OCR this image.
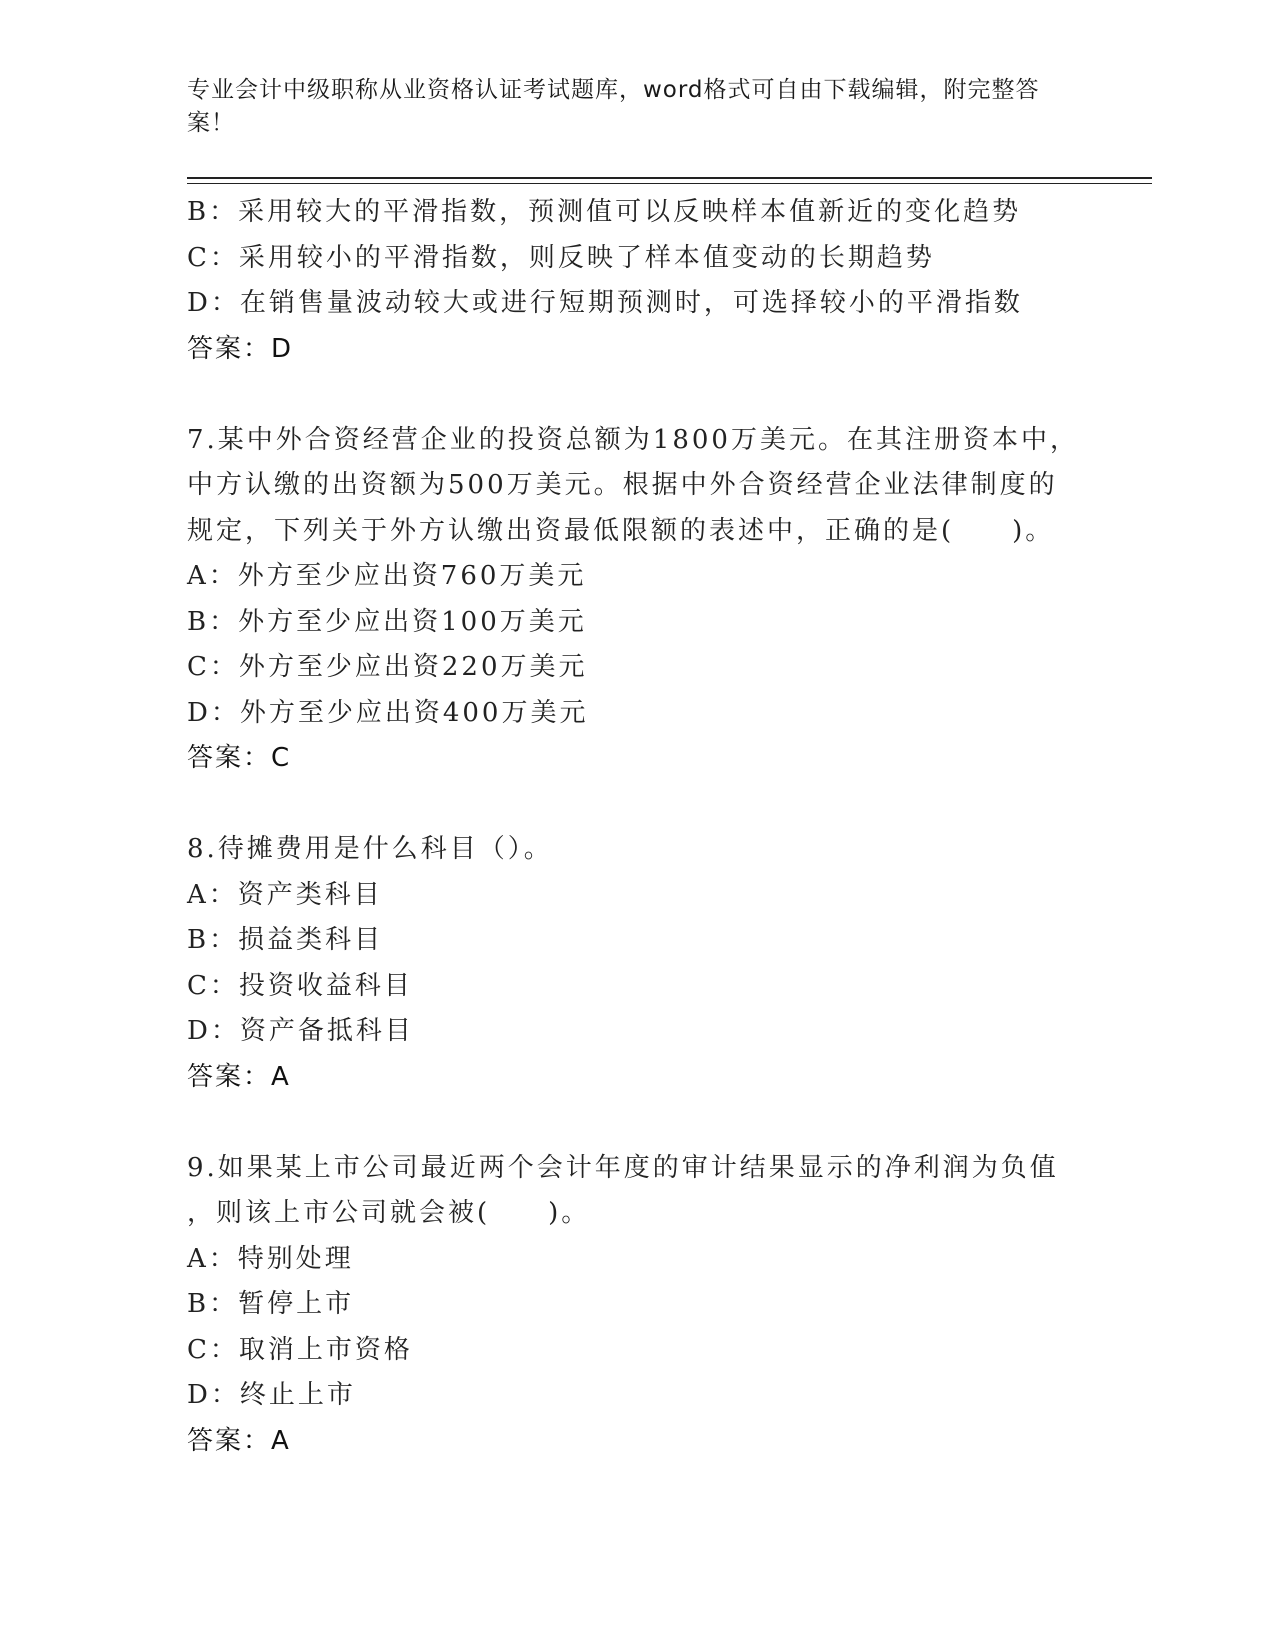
专业会计中级职称从业资格认证考试题库，word格式可自由下载编辑，附完整答案！
B：采用较大的平滑指数，预测值可以反映样本值新近的变化趋势
C：采用较小的平滑指数，则反映了样本值变动的长期趋势
D：在销售量波动较大或进行短期预测时，可选择较小的平滑指数
答案：D
7.某中外合资经营企业的投资总额为1800万美元。在其注册资本中，
中方认缴的出资额为500万美元。根据中外合资经营企业法律制度的
规定，下列关于外方认缴出资最低限额的表述中，正确的是(　　)。
A：外方至少应出资760万美元
B：外方至少应出资100万美元
C：外方至少应出资220万美元
D：外方至少应出资400万美元
答案：C
8.待摊费用是什么科目（）。
A：资产类科目
B：损益类科目
C：投资收益科目
D：资产备抵科目
答案：A
9.如果某上市公司最近两个会计年度的审计结果显示的净利润为负值
，则该上市公司就会被(　　)。
A：特别处理
B：暂停上市
C：取消上市资格
D：终止上市
答案：A
